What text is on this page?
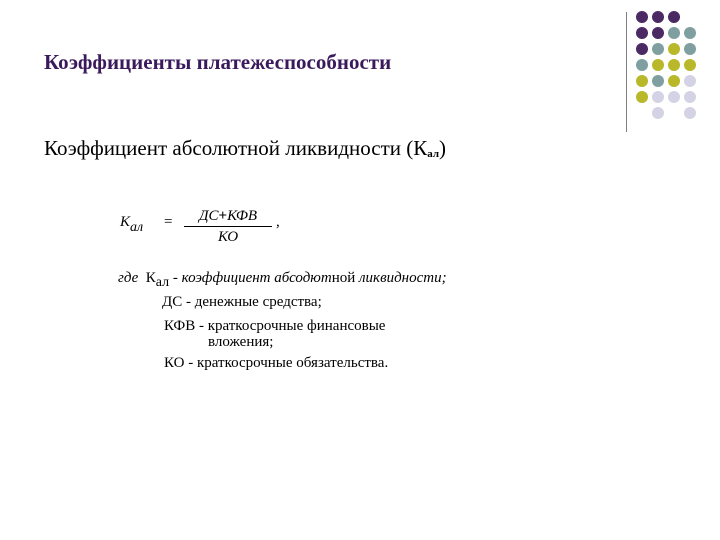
Коэффициенты платежеспособности
Коэффициент абсолютной ликвидности (Кал)
$К_{ал}$ =	ДС+КФВ
КО
,
где $К_{ал}$ - коэффициент абсодютной ликвидности;
ДС - денежные средства;
КФВ - краткосрочные финансовые
вложения;
КО - краткосрочные обязательства.
